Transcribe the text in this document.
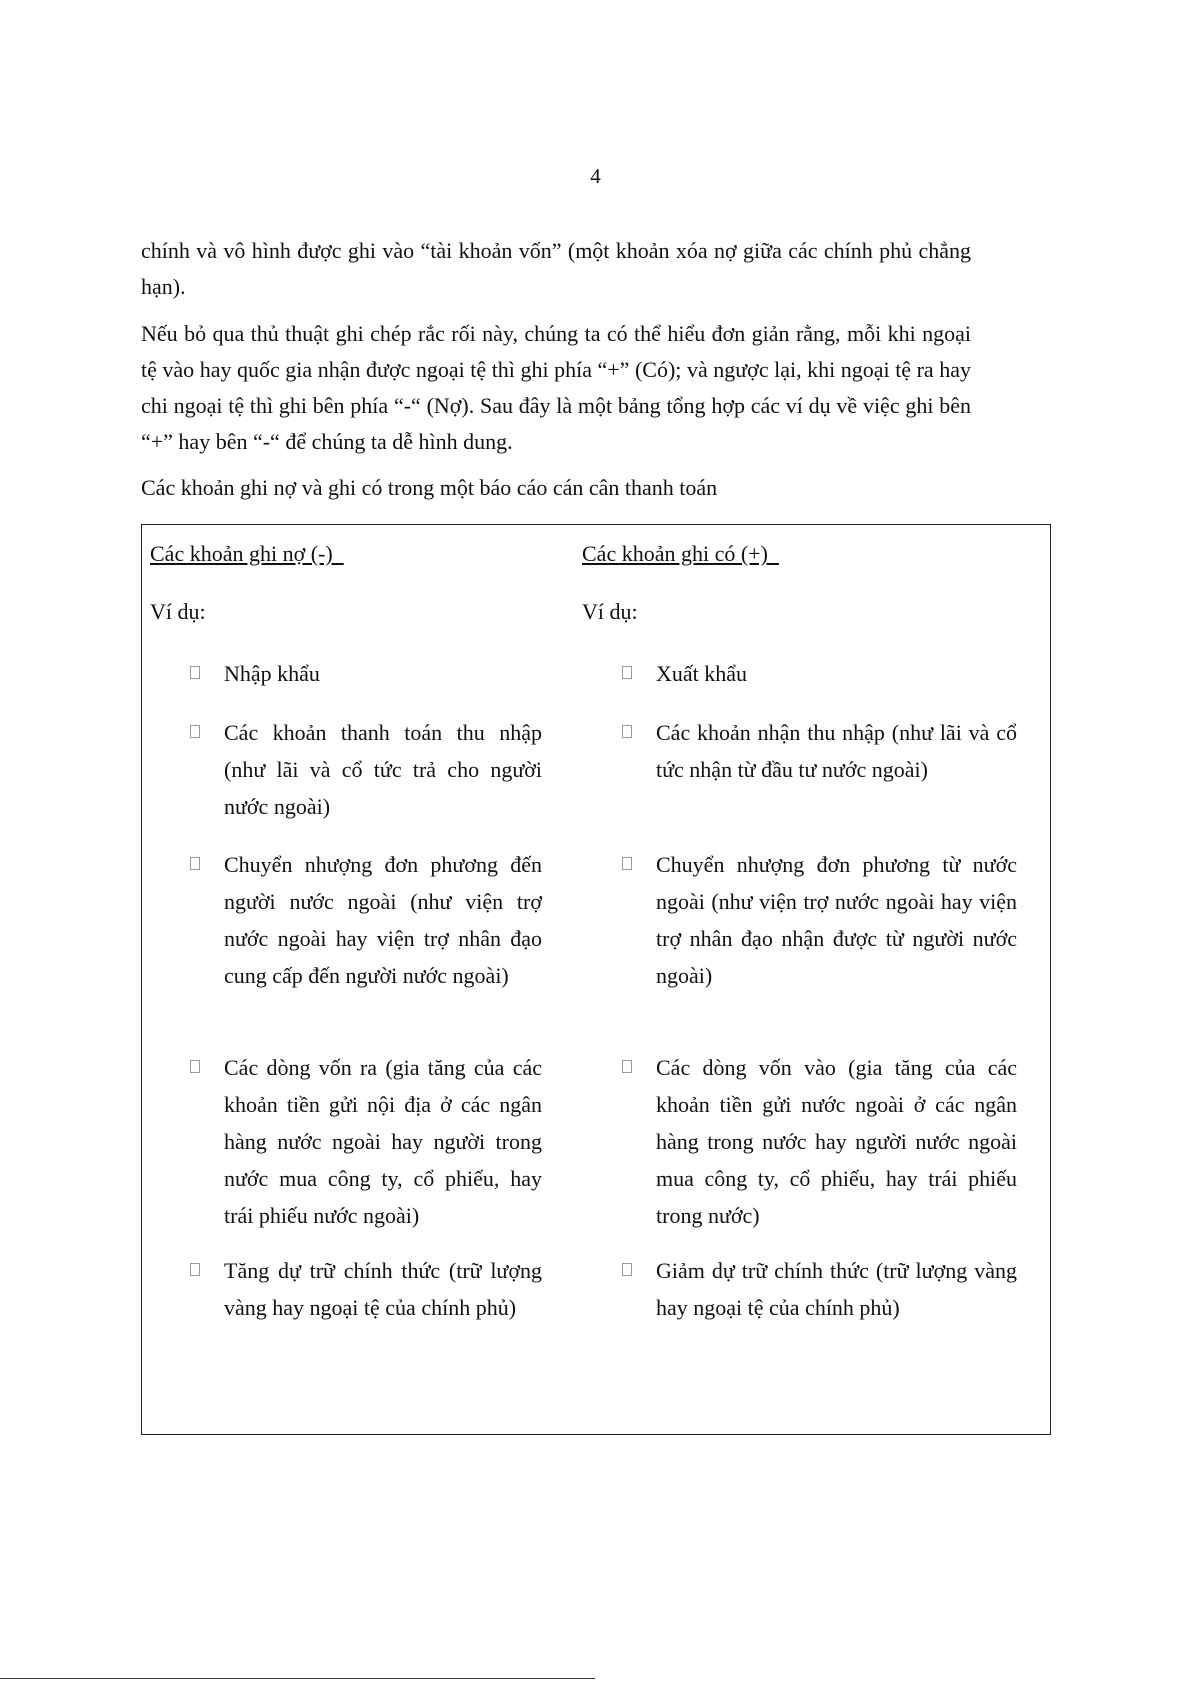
4

chính và vô hình được ghi vào “tài khoản vốn” (một khoản xóa nợ giữa các chính phủ chẳng hạn).

Nếu bỏ qua thủ thuật ghi chép rắc rối này, chúng ta có thể hiểu đơn giản rằng, mỗi khi ngoại tệ vào hay quốc gia nhận được ngoại tệ thì ghi phía “+” (Có); và ngược lại, khi ngoại tệ ra hay chi ngoại tệ thì ghi bên phía “-“ (Nợ). Sau đây là một bảng tổng hợp các ví dụ về việc ghi bên “+” hay bên “-“ để chúng ta dễ hình dung.

Các khoản ghi nợ và ghi có trong một báo cáo cán cân thanh toán

Các khoản ghi nợ (-)
Ví dụ:
Nhập khẩu
Các khoản thanh toán thu nhập (như lãi và cổ tức trả cho người nước ngoài)
Chuyển nhượng đơn phương đến người nước ngoài (như viện trợ nước ngoài hay viện trợ nhân đạo cung cấp đến người nước ngoài)
Các dòng vốn ra (gia tăng của các khoản tiền gửi nội địa ở các ngân hàng nước ngoài hay người trong nước mua công ty, cổ phiếu, hay trái phiếu nước ngoài)
Tăng dự trữ chính thức (trữ lượng vàng hay ngoại tệ của chính phủ)
Các khoản ghi có (+)
Ví dụ:
Xuất khẩu
Các khoản nhận thu nhập (như lãi và cổ tức nhận từ đầu tư nước ngoài)
Chuyển nhượng đơn phương từ nước ngoài (như viện trợ nước ngoài hay viện trợ nhân đạo nhận được từ người nước ngoài)
Các dòng vốn vào (gia tăng của các khoản tiền gửi nước ngoài ở các ngân hàng trong nước hay người nước ngoài mua công ty, cổ phiếu, hay trái phiếu trong nước)
Giảm dự trữ chính thức (trữ lượng vàng hay ngoại tệ của chính phủ)
